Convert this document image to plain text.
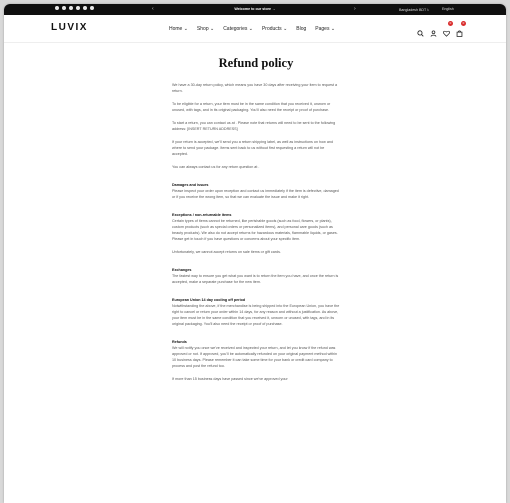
‹	Welcome to our store →	›	Bangladesh BDT ৳	English
LUVIX	Home ⌄ Shop ⌄ Categories ⌄ Products ⌄ Blog Pages ⌄
0	0
Refund policy

We have a 30-day return policy, which means you have 30 days after receiving your item to request a return.

To be eligible for a return, your item must be in the same condition that you received it, unworn or unused, with tags, and in its original packaging. You'll also need the receipt or proof of purchase.

To start a return, you can contact us at . Please note that returns will need to be sent to the following address: [INSERT RETURN ADDRESS]

If your return is accepted, we'll send you a return shipping label, as well as instructions on how and where to send your package. Items sent back to us without first requesting a return will not be accepted.

You can always contact us for any return question at .

Damages and issues

Please inspect your order upon reception and contact us immediately if the item is defective, damaged or if you receive the wrong item, so that we can evaluate the issue and make it right.

Exceptions / non-returnable items

Certain types of items cannot be returned, like perishable goods (such as food, flowers, or plants), custom products (such as special orders or personalized items), and personal care goods (such as beauty products). We also do not accept returns for hazardous materials, flammable liquids, or gases. Please get in touch if you have questions or concerns about your specific item.

Unfortunately, we cannot accept returns on sale items or gift cards.

Exchanges

The fastest way to ensure you get what you want is to return the item you have, and once the return is accepted, make a separate purchase for the new item.

European Union 14 day cooling off period

Notwithstanding the above, if the merchandise is being shipped into the European Union, you have the right to cancel or return your order within 14 days, for any reason and without a justification. As above, your item must be in the same condition that you received it, unworn or unused, with tags, and in its original packaging. You'll also need the receipt or proof of purchase.

Refunds

We will notify you once we've received and inspected your return, and let you know if the refund was approved or not. If approved, you'll be automatically refunded on your original payment method within 10 business days. Please remember it can take some time for your bank or credit card company to process and post the refund too.

If more than 15 business days have passed since we've approved your
